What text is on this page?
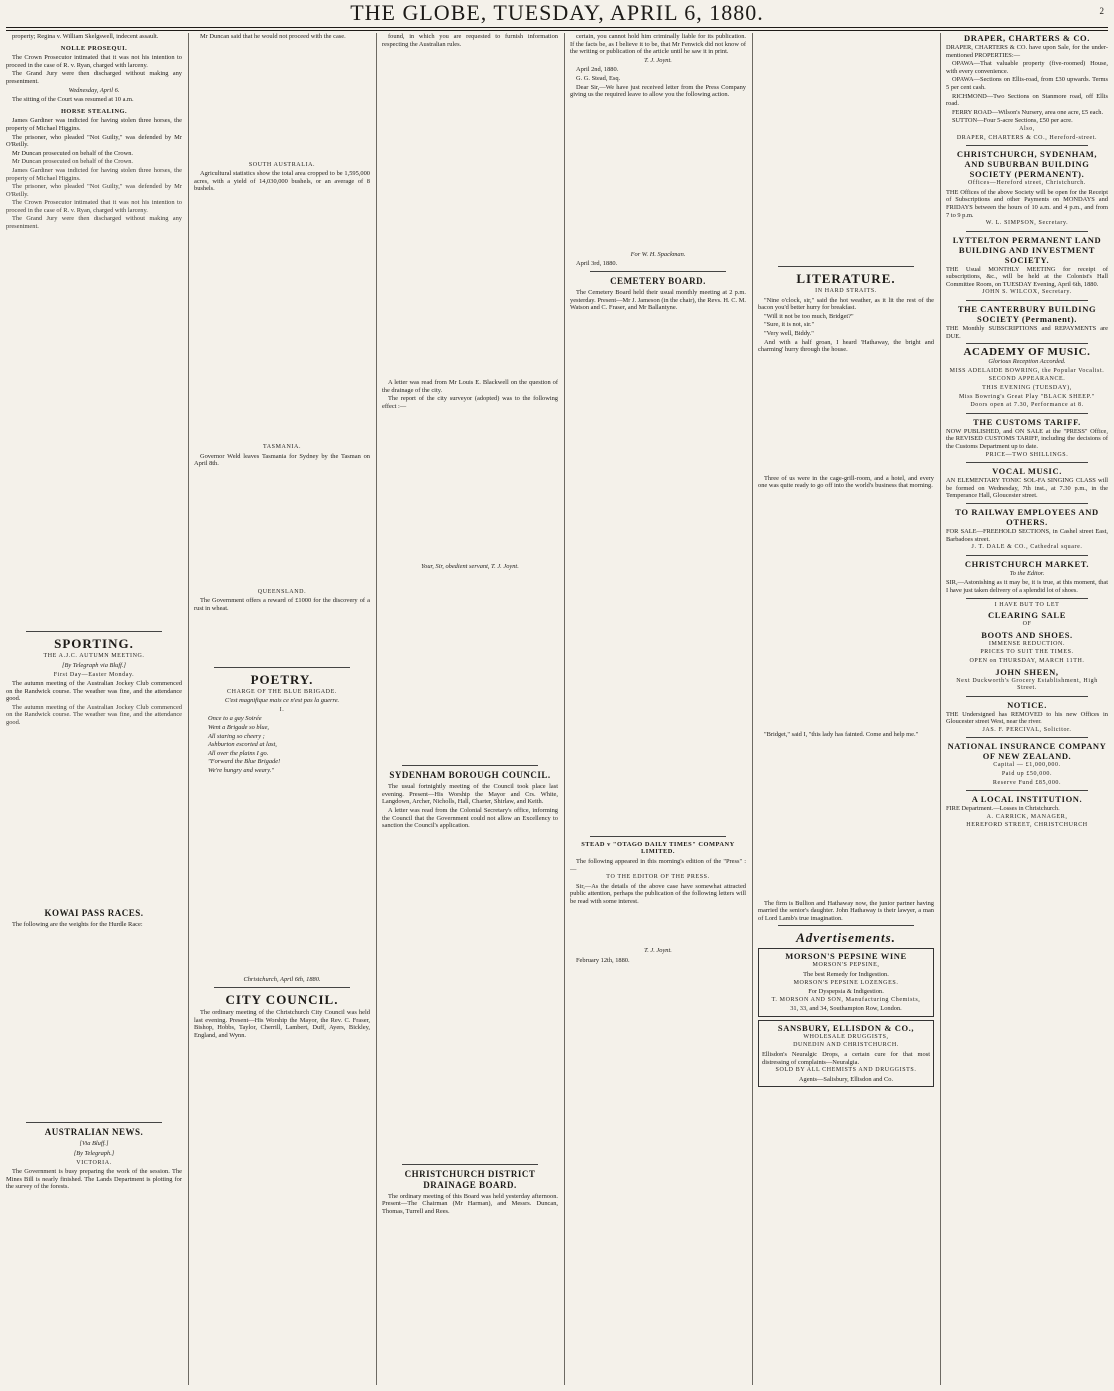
THE GLOBE, TUESDAY, APRIL 6, 1880.	2

property; Regina v. William Skelgswell, indecent assault.

NOLLE PROSEQUI.

The Crown Prosecutor intimated that it was not his intention to proceed in the case of R. v. Ryan, charged with larceny.

The Grand Jury were then discharged without making any presentment.

Wednesday, April 6.

The sitting of the Court was resumed at 10 a.m.

HORSE STEALING.

James Gardiner was indicted for having stolen three horses, the property of Michael Higgins.

The prisoner, who pleaded "Not Guilty," was defended by Mr O'Reilly.

Mr Duncan prosecuted on behalf of the Crown.

Mr Duncan prosecuted on behalf of the Crown.

James Gardiner was indicted for having stolen three horses, the property of Michael Higgins.

The prisoner, who pleaded "Not Guilty," was defended by Mr O'Reilly.

The Crown Prosecutor intimated that it was not his intention to proceed in the case of R. v. Ryan, charged with larceny.

The Grand Jury were then discharged without making any presentment.

SPORTING.

THE A.J.C. AUTUMN MEETING.

[By Telegraph via Bluff.]

First Day—Easter Monday.

The autumn meeting of the Australian Jockey Club commenced on the Randwick course. The weather was fine, and the attendance good.

The autumn meeting of the Australian Jockey Club commenced on the Randwick course. The weather was fine, and the attendance good.

KOWAI PASS RACES.

The following are the weights for the Hurdle Race:

AUSTRALIAN NEWS.

[Via Bluff.]

[By Telegraph.]

VICTORIA.

The Government is busy preparing the work of the session. The Mines Bill is nearly finished. The Lands Department is plotting for the survey of the forests.

Mr Duncan said that he would not proceed with the case.

SOUTH AUSTRALIA.

Agricultural statistics show the total area cropped to be 1,595,000 acres, with a yield of 14,030,000 bushels, or an average of 8 bushels.

TASMANIA.

Governor Weld leaves Tasmania for Sydney by the Tasman on April 8th.

QUEENSLAND.

The Government offers a reward of £1000 for the discovery of a rust in wheat.

POETRY.

CHARGE OF THE BLUE BRIGADE.

C'est magnifique mais ce n'est pas la guerre.

I.

Once to a gay Soirée

Went a Brigade so blue,

All staring so cheery ;

Ashburton escorted at last,

All over the plains I go.

"Forward the Blue Brigade!

We're hungry and weary."

Christchurch, April 6th, 1880.

CITY COUNCIL.

The ordinary meeting of the Christchurch City Council was held last evening. Present—His Worship the Mayor, the Rev. C. Fraser, Bishop, Hobbs, Taylor, Cherrill, Lambert, Duff, Ayers, Bickley, England, and Wynn.

found, in which you are requested to furnish information respecting the Australian rules.

A letter was read from Mr Louis E. Blackwell on the question of the drainage of the city.

The report of the city surveyor (adopted) was to the following effect :—

Your, Sir, obedient servant, T. J. Joynt.

SYDENHAM BOROUGH COUNCIL.

The usual fortnightly meeting of the Council took place last evening. Present—His Worship the Mayor and Crs. White, Langdown, Archer, Nicholls, Hall, Charter, Shirlaw, and Keith.

A letter was read from the Colonial Secretary's office, informing the Council that the Government could not allow an Excellency to sanction the Council's application.

CHRISTCHURCH DISTRICT DRAINAGE BOARD.

The ordinary meeting of this Board was held yesterday afternoon. Present—The Chairman (Mr Harman), and Messrs. Duncan, Thomas, Turrell and Rees.

certain, you cannot hold him criminally liable for its publication. If the facts be, as I believe it to be, that Mr Fenwick did not know of the writing or publication of the article until he saw it in print.

T. J. Joynt.

April 2nd, 1880.

G. G. Stead, Esq.

Dear Sir,—We have just received letter from the Press Company giving us the required leave to allow you the following action.

For W. H. Spackman.

April 3rd, 1880.

CEMETERY BOARD.

The Cemetery Board held their usual monthly meeting at 2 p.m. yesterday. Present—Mr J. Jameson (in the chair), the Revs. H. C. M. Watson and C. Fraser, and Mr Ballantyne.

STEAD v "OTAGO DAILY TIMES" COMPANY LIMITED.

The following appeared in this morning's edition of the "Press" :—

TO THE EDITOR OF THE PRESS.

Sir,—As the details of the above case have somewhat attracted public attention, perhaps the publication of the following letters will be read with some interest.

T. J. Joynt.

February 12th, 1880.

LITERATURE.

IN HARD STRAITS.

"Nine o'clock, sir," said the hot weather, as it lit the rest of the bacon you'd better hurry for breakfast.

"Will it not be too much, Bridget?"

"Sure, it is not, sir."

"Very well, Biddy."

And with a half groan, I heard 'Hathaway, the bright and charming' hurry through the house.

Three of us were in the cage-grill-room, and a hotel, and every one was quite ready to go off into the world's business that morning.

"Bridget," said I, "this lady has fainted. Come and help me."

The firm is Bullion and Hathaway now, the junior partner having married the senior's daughter. John Hathaway is their lawyer, a man of Lord Lamb's true imagination.

Advertisements.

MORSON'S PEPSINE WINE

MORSON'S PEPSINE,

The best Remedy for Indigestion.

MORSON'S PEPSINE LOZENGES.

For Dyspepsia & Indigestion.

T. MORSON AND SON, Manufacturing Chemists,

31, 33, and 34, Southampton Row, London.

SANSBURY, ELLISDON & CO.,

WHOLESALE DRUGGISTS,

DUNEDIN AND CHRISTCHURCH.

Ellisdon's Neuralgic Drops, a certain cure for that most distressing of complaints—Neuralgia.

SOLD BY ALL CHEMISTS AND DRUGGISTS.

Agents—Salisbury, Ellisdon and Co.

DRAPER, CHARTERS & CO.

DRAPER, CHARTERS & CO. have upon Sale, for the under-mentioned PROPERTIES:—

OPAWA—That valuable property (five-roomed) House, with every convenience.

OPAWA—Sections on Ellis-road, from £30 upwards. Terms 5 per cent cash.

RICHMOND—Two Sections on Stanmore road, off Ellis road.

FERRY ROAD—Wilson's Nursery, area one acre, £5 each.

SUTTON—Four 5-acre Sections, £50 per acre.

Also,

DRAPER, CHARTERS & CO., Hereford-street.

CHRISTCHURCH, SYDENHAM, AND SUBURBAN BUILDING SOCIETY (PERMANENT).

Offices—Hereford street, Christchurch.

THE Offices of the above Society will be open for the Receipt of Subscriptions and other Payments on MONDAYS and FRIDAYS between the hours of 10 a.m. and 4 p.m., and from 7 to 9 p.m.

W. L. SIMPSON, Secretary.

LYTTELTON PERMANENT LAND BUILDING AND INVESTMENT SOCIETY.

THE Usual MONTHLY MEETING for receipt of subscriptions, &c., will be held at the Colonist's Hall Committee Room, on TUESDAY Evening, April 6th, 1880.

JOHN S. WILCOX, Secretary.

THE CANTERBURY BUILDING SOCIETY (Permanent).

THE Monthly SUBSCRIPTIONS and REPAYMENTS are DUE.

ACADEMY OF MUSIC.

Glorious Reception Accorded.

MISS ADELAIDE BOWRING, the Popular Vocalist.

SECOND APPEARANCE.

THIS EVENING (TUESDAY),

Miss Bowring's Great Play "BLACK SHEEP."

Doors open at 7.30, Performance at 8.

THE CUSTOMS TARIFF.

NOW PUBLISHED, and ON SALE at the "PRESS" Office, the REVISED CUSTOMS TARIFF, including the decisions of the Customs Department up to date.

PRICE—TWO SHILLINGS.

VOCAL MUSIC.

AN ELEMENTARY TONIC SOL-FA SINGING CLASS will be formed on Wednesday, 7th inst., at 7.30 p.m., in the Temperance Hall, Gloucester street.

TO RAILWAY EMPLOYEES AND OTHERS.

FOR SALE—FREEHOLD SECTIONS, in Cashel street East, Barbadoes street.

J. T. DALE & CO., Cathedral square.

CHRISTCHURCH MARKET.

To the Editor.

SIR,—Astonishing as it may be, it is true, at this moment, that I have just taken delivery of a splendid lot of shoes.

I HAVE BUT TO LET

CLEARING SALE

OF

BOOTS AND SHOES.

IMMENSE REDUCTION.

PRICES TO SUIT THE TIMES.

OPEN on THURSDAY, MARCH 11TH.

JOHN SHEEN,

Next Duckworth's Grocery Establishment, High Street.

NOTICE.

THE Undersigned has REMOVED to his new Offices in Gloucester street West, near the river.

JAS. F. PERCIVAL, Solicitor.

NATIONAL INSURANCE COMPANY OF NEW ZEALAND.

Capital — £1,000,000.

Paid up £50,000.

Reserve Fund £85,000.

A LOCAL INSTITUTION.

FIRE Department.—Losses in Christchurch.

A. CARRICK, MANAGER,

HEREFORD STREET, CHRISTCHURCH
